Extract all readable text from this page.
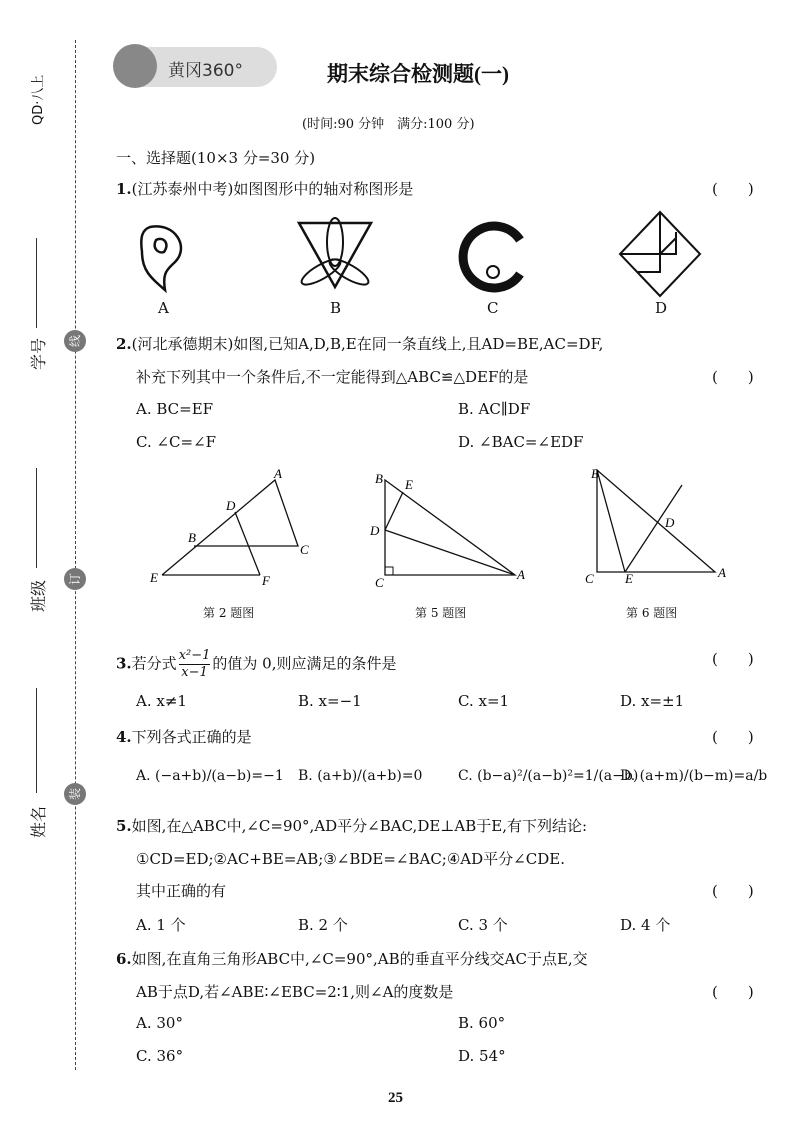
QD·八上
学号
班级
姓名
线
订
装
黄冈360°	期末综合检测题(一)
(时间:90 分钟　满分:100 分)
一、选择题(10×3 分=30 分)
1.(江苏泰州中考)如图图形中的轴对称图形是	(　　)
A	B	C	D
2.(河北承德期末)如图,已知A,D,B,E在同一条直线上,且AD=BE,AC=DF,
补充下列其中一个条件后,不一定能得到△ABC≌△DEF的是	(　　)
A. BC=EF	B. AC∥DF
C. ∠C=∠F	D. ∠BAC=∠EDF
A
D
B
C
E	F
B E
D
C
A
B
D
C E	A
第 2 题图	第 5 题图	第 6 题图
3.若分式 $\frac{\text{x²−1}}{x-1}$ 的值为 0,则应满足的条件是	(　　)
A. x≠1	B. x=−1	C. x=1	D. x=±1
4.下列各式正确的是	(　　)
A. (−a+b)/(a−b)=−1 B. (a+b)/(a+b)=0	C. (b−a)²/(a−b)²=1/(a−b)
D. (a+m)/(b−m)=a/b
5.如图,在△ABC中,∠C=90°,AD平分∠BAC,DE⊥AB于E,有下列结论:
①CD=ED;②AC+BE=AB;③∠BDE=∠BAC;④AD平分∠CDE.
其中正确的有	(　　)
A. 1 个	B. 2 个	C. 3 个	D. 4 个
6.如图,在直角三角形ABC中,∠C=90°,AB的垂直平分线交AC于点E,交
AB于点D,若∠ABE∶∠EBC=2∶1,则∠A的度数是	(　　)
A. 30°	B. 60°
C. 36°	D. 54°
25
